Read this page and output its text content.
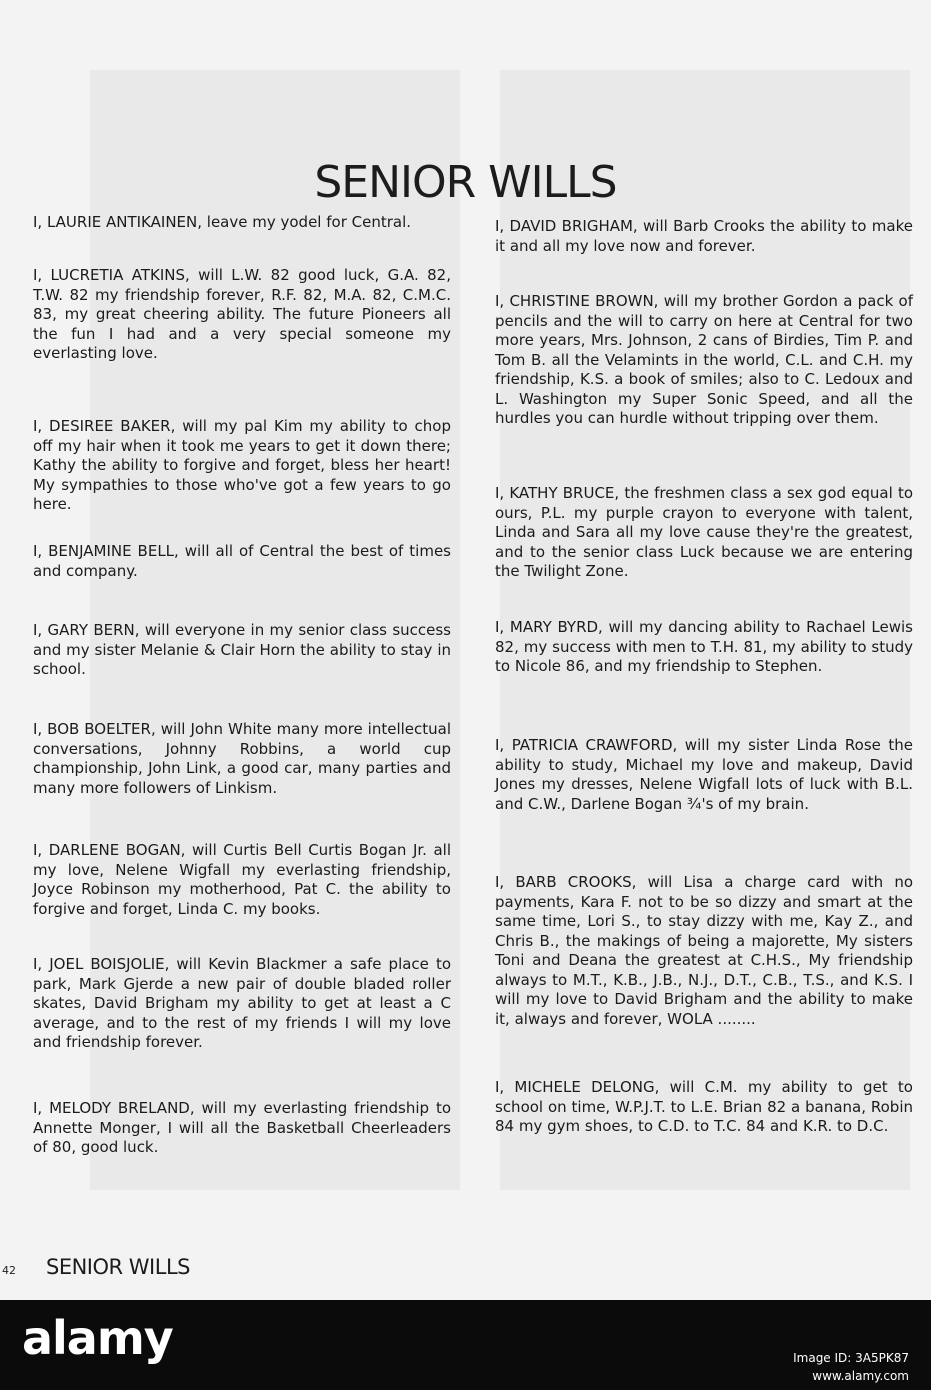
SENIOR WILLS

I, LAURIE ANTIKAINEN, leave my yodel for Central.

I, LUCRETIA ATKINS, will L.W. 82 good luck, G.A. 82, T.W. 82 my friendship forever, R.F. 82, M.A. 82, C.M.C. 83, my great cheering ability. The future Pioneers all the fun I had and a very special someone my everlasting love.

I, DESIREE BAKER, will my pal Kim my ability to chop off my hair when it took me years to get it down there; Kathy the ability to forgive and forget, bless her heart! My sympathies to those who've got a few years to go here.

I, BENJAMINE BELL, will all of Central the best of times and company.

I, GARY BERN, will everyone in my senior class success and my sister Melanie & Clair Horn the ability to stay in school.

I, BOB BOELTER, will John White many more intellectual conversations, Johnny Robbins, a world cup championship, John Link, a good car, many parties and many more followers of Linkism.

I, DARLENE BOGAN, will Curtis Bell Curtis Bogan Jr. all my love, Nelene Wigfall my everlasting friendship, Joyce Robinson my motherhood, Pat C. the ability to forgive and forget, Linda C. my books.

I, JOEL BOISJOLIE, will Kevin Blackmer a safe place to park, Mark Gjerde a new pair of double bladed roller skates, David Brigham my ability to get at least a C average, and to the rest of my friends I will my love and friendship forever.

I, MELODY BRELAND, will my everlasting friendship to Annette Monger, I will all the Basketball Cheerleaders of 80, good luck.

I, DAVID BRIGHAM, will Barb Crooks the ability to make it and all my love now and forever.

I, CHRISTINE BROWN, will my brother Gordon a pack of pencils and the will to carry on here at Central for two more years, Mrs. Johnson, 2 cans of Birdies, Tim P. and Tom B. all the Velamints in the world, C.L. and C.H. my friendship, K.S. a book of smiles; also to C. Ledoux and L. Washington my Super Sonic Speed, and all the hurdles you can hurdle without tripping over them.

I, KATHY BRUCE, the freshmen class a sex god equal to ours, P.L. my purple crayon to everyone with talent, Linda and Sara all my love cause they're the greatest, and to the senior class Luck because we are entering the Twilight Zone.

I, MARY BYRD, will my dancing ability to Rachael Lewis 82, my success with men to T.H. 81, my ability to study to Nicole 86, and my friendship to Stephen.

I, PATRICIA CRAWFORD, will my sister Linda Rose the ability to study, Michael my love and makeup, David Jones my dresses, Nelene Wigfall lots of luck with B.L. and C.W., Darlene Bogan ¾'s of my brain.

I, BARB CROOKS, will Lisa a charge card with no payments, Kara F. not to be so dizzy and smart at the same time, Lori S., to stay dizzy with me, Kay Z., and Chris B., the makings of being a majorette, My sisters Toni and Deana the greatest at C.H.S., My friendship always to M.T., K.B., J.B., N.J., D.T., C.B., T.S., and K.S. I will my love to David Brigham and the ability to make it, always and forever, WOLA ........

I, MICHELE DELONG, will C.M. my ability to get to school on time, W.P.J.T. to L.E. Brian 82 a banana, Robin 84 my gym shoes, to C.D. to T.C. 84 and K.R. to D.C.

42 SENIOR WILLS
alamy	Image ID: 3A5PK87
www.alamy.com
